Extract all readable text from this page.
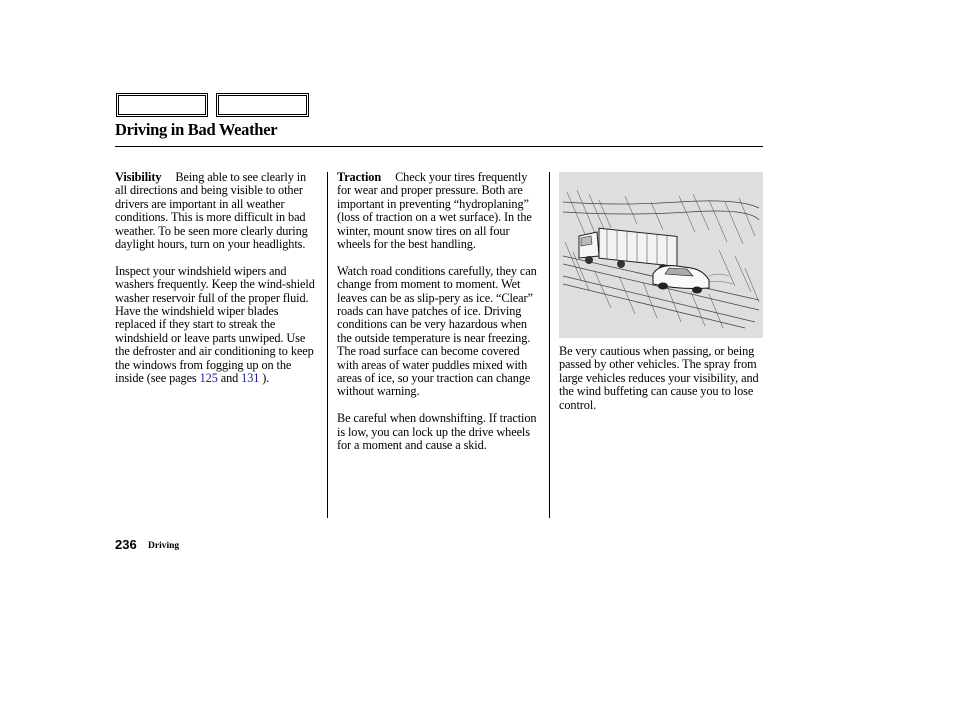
Driving in Bad Weather

Visibility Being able to see clearly in all directions and being visible to other drivers are important in all weather conditions. This is more difficult in bad weather. To be seen more clearly during daylight hours, turn on your headlights.

Inspect your windshield wipers and washers frequently. Keep the wind-shield washer reservoir full of the proper fluid. Have the windshield wiper blades replaced if they start to streak the windshield or leave parts unwiped. Use the defroster and air conditioning to keep the windows from fogging up on the inside (see pages 125 and 131 ).

Traction Check your tires frequently for wear and proper pressure. Both are important in preventing “hydroplaning” (loss of traction on a wet surface). In the winter, mount snow tires on all four wheels for the best handling.

Watch road conditions carefully, they can change from moment to moment. Wet leaves can be as slip-pery as ice. “Clear” roads can have patches of ice. Driving conditions can be very hazardous when the outside temperature is near freezing. The road surface can become covered with areas of water puddles mixed with areas of ice, so your traction can change without warning.

Be careful when downshifting. If traction is low, you can lock up the drive wheels for a moment and cause a skid.

Be very cautious when passing, or being passed by other vehicles. The spray from large vehicles reduces your visibility, and the wind buffeting can cause you to lose control.

236 Driving
